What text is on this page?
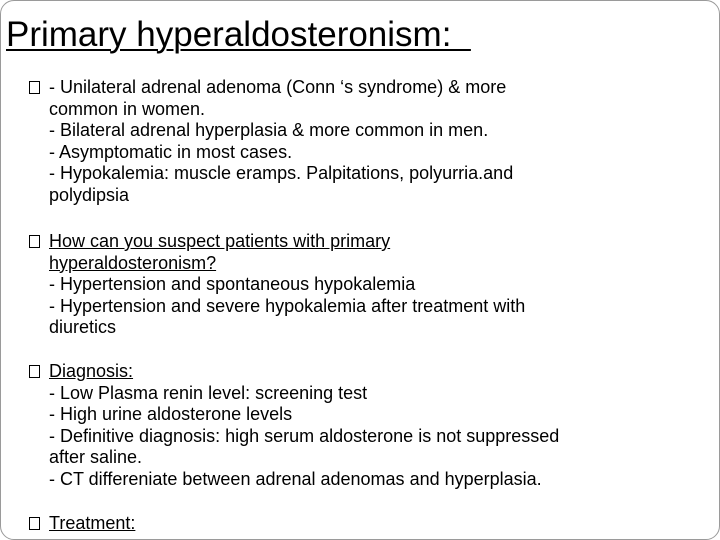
Primary hyperaldosteronism:
- Unilateral adrenal adenoma (Conn ‘s syndrome) & more
common in women.
- Bilateral adrenal hyperplasia & more common in men.
- Asymptomatic in most cases.
- Hypokalemia: muscle eramps. Palpitations, polyurria.and
polydipsia
How can you suspect patients with primary
hyperaldosteronism?
- Hypertension and spontaneous hypokalemia
- Hypertension and severe hypokalemia after treatment with
diuretics
Diagnosis:
- Low Plasma renin level: screening test
- High urine aldosterone levels
- Definitive diagnosis: high serum aldosterone is not suppressed
after saline.
- CT differeniate between adrenal adenomas and hyperplasia.
Treatment:
